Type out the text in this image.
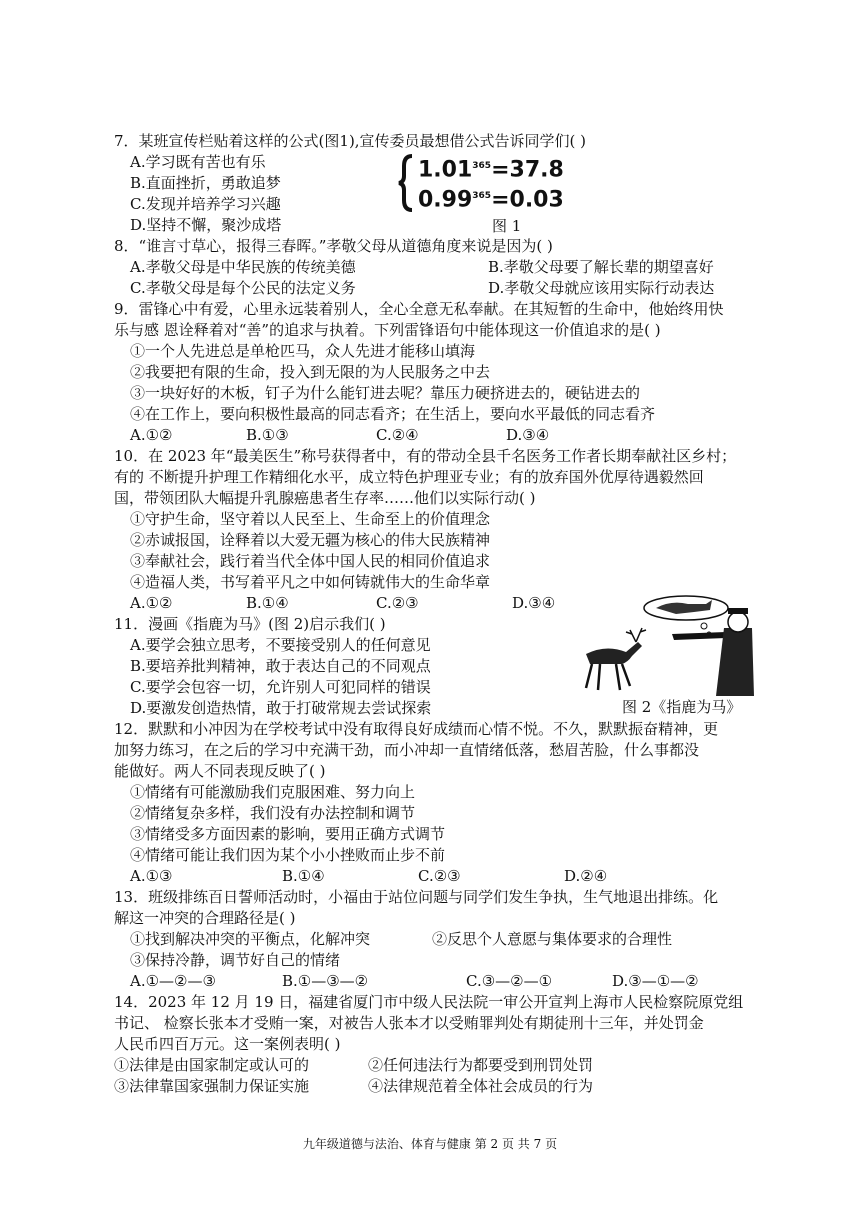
7．某班宣传栏贴着这样的公式(图1),宣传委员最想借公式告诉同学们( )
A.学习既有苦也有乐
B.直面挫折，勇敢追梦
C.发现并培养学习兴趣
D.坚持不懈，聚沙成塔
$1.01^{365}=37.8$
$0.99^{365}=0.03$
图 1
8．“谁言寸草心，报得三春晖。”孝敬父母从道德角度来说是因为( )
A.孝敬父母是中华民族的传统美德	B.孝敬父母要了解长辈的期望喜好
C.孝敬父母是每个公民的法定义务	D.孝敬父母就应该用实际行动表达
9．雷锋心中有爱，心里永远装着别人，全心全意无私奉献。在其短暂的生命中，他始终用快
乐与感 恩诠释着对“善”的追求与执着。下列雷锋语句中能体现这一价值追求的是( )
①一个人先进总是单枪匹马，众人先进才能移山填海
②我要把有限的生命，投入到无限的为人民服务之中去
③一块好好的木板，钉子为什么能钉进去呢？靠压力硬挤进去的，硬钻进去的
④在工作上，要向积极性最高的同志看齐；在生活上，要向水平最低的同志看齐
A.①②	B.①③	C.②④	D.③④
10．在 2023 年“最美医生”称号获得者中，有的带动全县千名医务工作者长期奉献社区乡村；
有的 不断提升护理工作精细化水平，成立特色护理亚专业；有的放弃国外优厚待遇毅然回
国，带领团队大幅提升乳腺癌患者生存率……他们以实际行动( )
①守护生命，坚守着以人民至上、生命至上的价值理念
②赤诚报国，诠释着以大爱无疆为核心的伟大民族精神
③奉献社会，践行着当代全体中国人民的相同价值追求
④造福人类，书写着平凡之中如何铸就伟大的生命华章
A.①②	B.①④	C.②③	D.③④
11．漫画《指鹿为马》(图 2)启示我们( )
A.要学会独立思考，不要接受别人的任何意见
B.要培养批判精神，敢于表达自己的不同观点
C.要学会包容一切，允许别人可犯同样的错误
D.要激发创造热情，敢于打破常规去尝试探索	图 2《指鹿为马》
12．默默和小冲因为在学校考试中没有取得良好成绩而心情不悦。不久，默默振奋精神，更
加努力练习，在之后的学习中充满干劲，而小冲却一直情绪低落，愁眉苦脸，什么事都没
能做好。两人不同表现反映了( )
①情绪有可能激励我们克服困难、努力向上
②情绪复杂多样，我们没有办法控制和调节
③情绪受多方面因素的影响，要用正确方式调节
④情绪可能让我们因为某个小小挫败而止步不前
A.①③	B.①④	C.②③	D.②④
13．班级排练百日誓师活动时，小福由于站位问题与同学们发生争执，生气地退出排练。化
解这一冲突的合理路径是( )
①找到解决冲突的平衡点，化解冲突	②反思个人意愿与集体要求的合理性
③保持冷静，调节好自己的情绪
A.①—②—③	B.①—③—②	C.③—②—①	D.③—①—②
14．2023 年 12 月 19 日，福建省厦门市中级人民法院一审公开宣判上海市人民检察院原党组
书记、 检察长张本才受贿一案，对被告人张本才以受贿罪判处有期徒刑十三年，并处罚金
人民币四百万元。这一案例表明( )
①法律是由国家制定或认可的	②任何违法行为都要受到刑罚处罚
③法律靠国家强制力保证实施	④法律规范着全体社会成员的行为
九年级道德与法治、体育与健康 第 2 页 共 7 页
